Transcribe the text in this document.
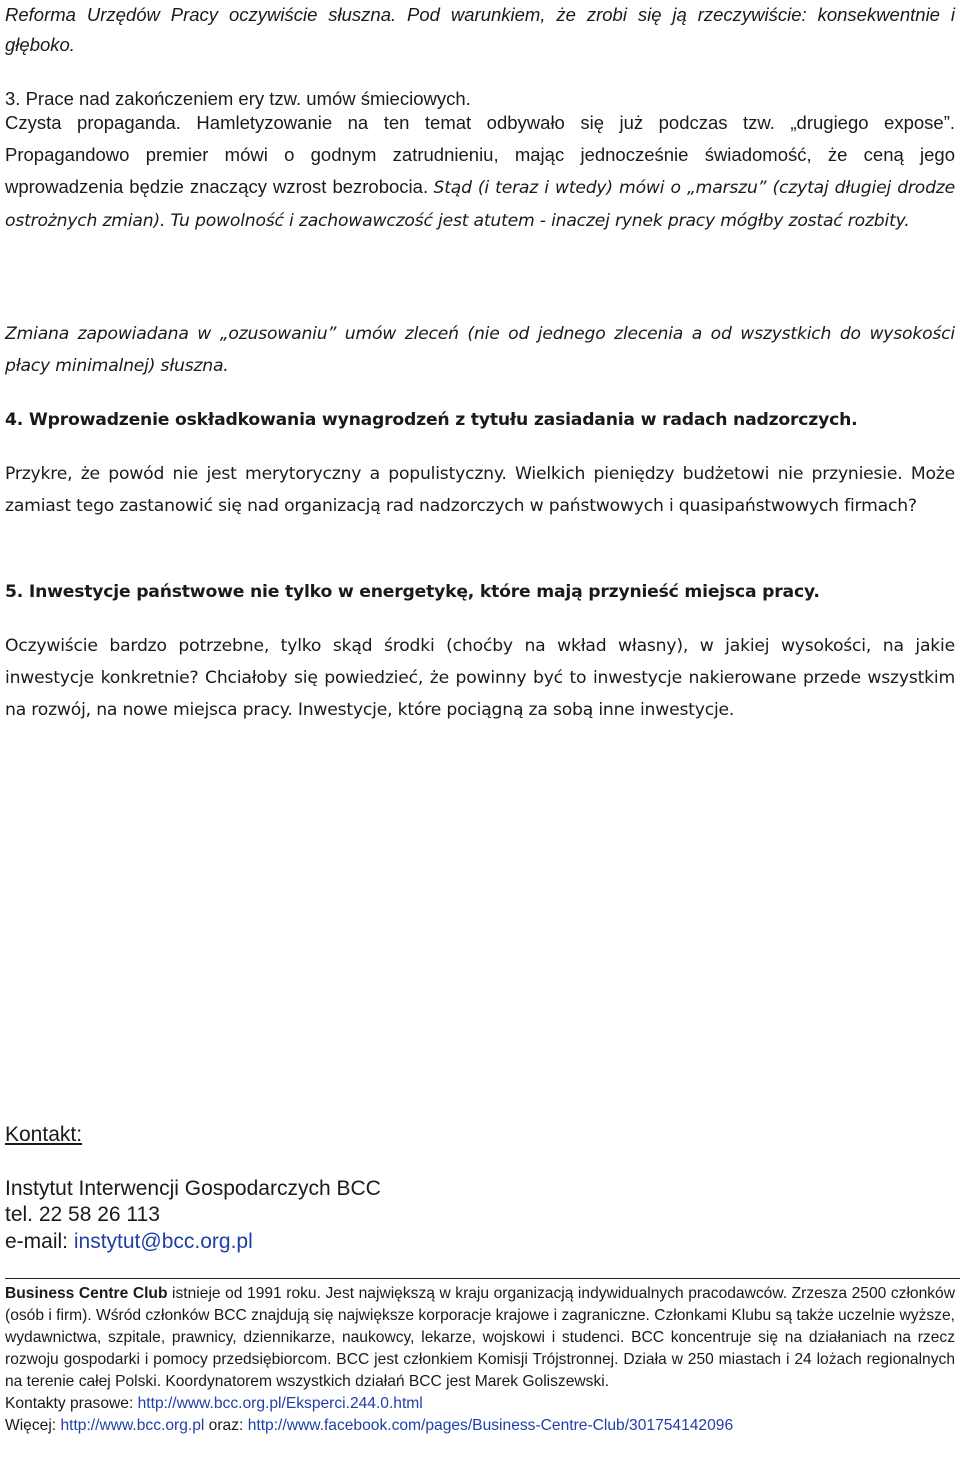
Reforma Urzędów Pracy oczywiście słuszna. Pod warunkiem, że zrobi się ją rzeczywiście: konsekwentnie i głęboko.

3. Prace nad zakończeniem ery tzw. umów śmieciowych.

Czysta propaganda. Hamletyzowanie na ten temat odbywało się już podczas tzw. „drugiego expose”. Propagandowo premier mówi o godnym zatrudnieniu, mając jednocześnie świadomość, że ceną jego wprowadzenia będzie znaczący wzrost bezrobocia. Stąd (i teraz i wtedy) mówi o „marszu” (czytaj długiej drodze ostrożnych zmian). Tu powolność i zachowawczość jest atutem - inaczej rynek pracy mógłby zostać rozbity.

Zmiana zapowiadana w „ozusowaniu” umów zleceń (nie od jednego zlecenia a od wszystkich do wysokości płacy minimalnej) słuszna.

4. Wprowadzenie oskładkowania wynagrodzeń z tytułu zasiadania w radach nadzorczych.

Przykre, że powód nie jest merytoryczny a populistyczny. Wielkich pieniędzy budżetowi nie przyniesie. Może zamiast tego zastanowić się nad organizacją rad nadzorczych w państwowych i quasipaństwowych firmach?

5. Inwestycje państwowe nie tylko w energetykę, które mają przynieść miejsca pracy.

Oczywiście bardzo potrzebne, tylko skąd środki (choćby na wkład własny), w jakiej wysokości, na jakie inwestycje konkretnie? Chciałoby się powiedzieć, że powinny być to inwestycje nakierowane przede wszystkim na rozwój, na nowe miejsca pracy. Inwestycje, które pociągną za sobą inne inwestycje.

Kontakt:
Instytut Interwencji Gospodarczych BCC
tel. 22 58 26 113
e-mail: instytut@bcc.org.pl
Business Centre Club istnieje od 1991 roku. Jest największą w kraju organizacją indywidualnych pracodawców. Zrzesza 2500 członków (osób i firm). Wśród członków BCC znajdują się największe korporacje krajowe i zagraniczne. Członkami Klubu są także uczelnie wyższe, wydawnictwa, szpitale, prawnicy, dziennikarze, naukowcy, lekarze, wojskowi i studenci. BCC koncentruje się na działaniach na rzecz rozwoju gospodarki i pomocy przedsiębiorcom. BCC jest członkiem Komisji Trójstronnej. Działa w 250 miastach i 24 lożach regionalnych na terenie całej Polski. Koordynatorem wszystkich działań BCC jest Marek Goliszewski.
Kontakty prasowe: http://www.bcc.org.pl/Eksperci.244.0.html
Więcej: http://www.bcc.org.pl oraz: http://www.facebook.com/pages/Business-Centre-Club/301754142096
